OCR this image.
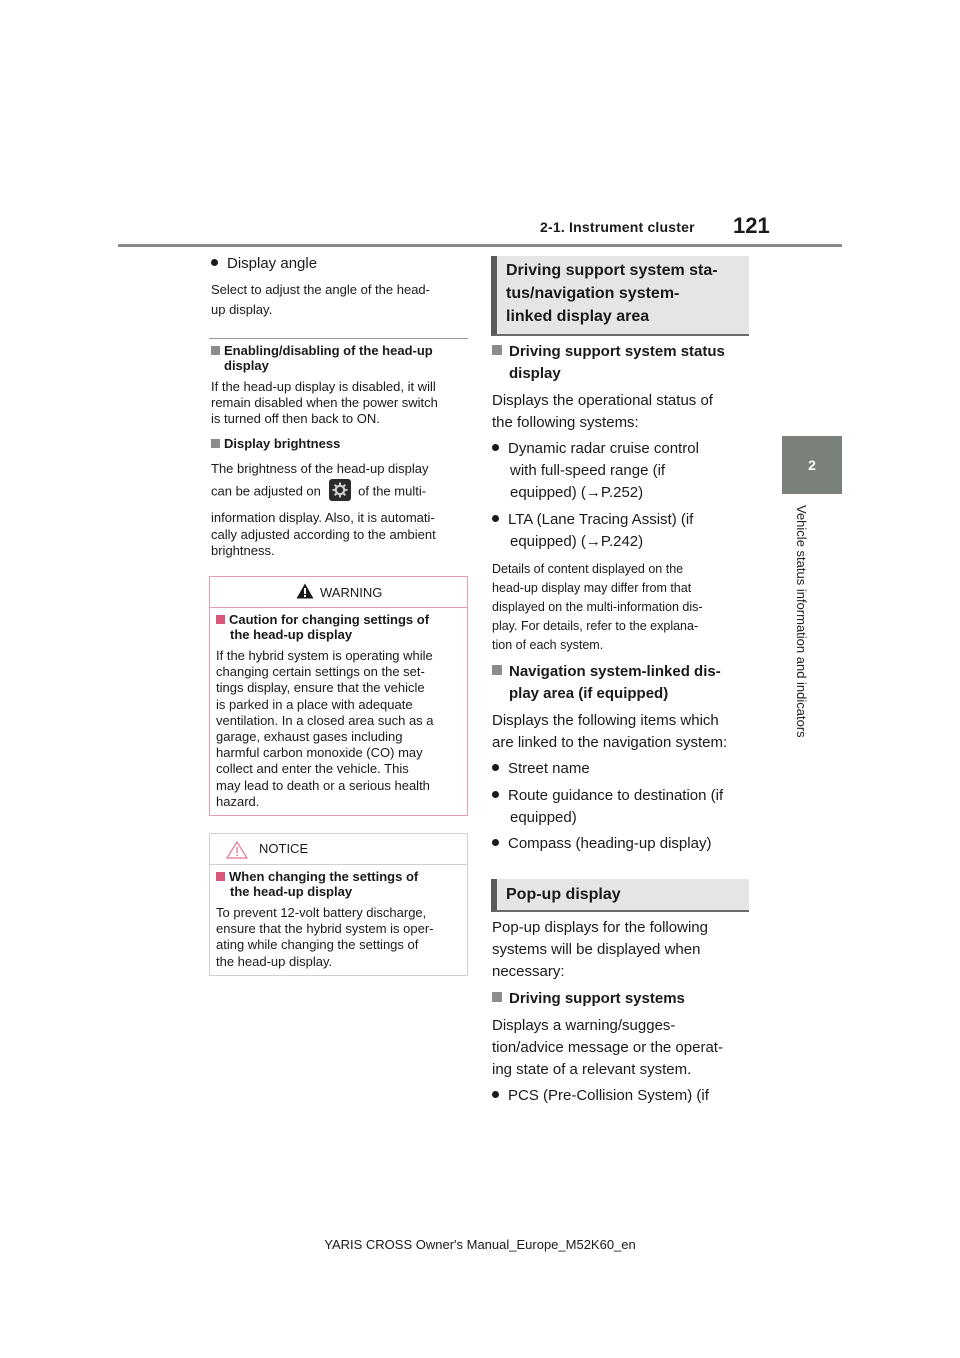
2-1. Instrument cluster 121
2
Vehicle status information and indicators
Display angle
Select to adjust the angle of the head-
up display.
Enabling/disabling of the head-up
display
If the head-up display is disabled, it will
remain disabled when the power switch
is turned off then back to ON.
Display brightness
The brightness of the head-up display
can be adjusted on	of the multi-
information display. Also, it is automati-
cally adjusted according to the ambient
brightness.
WARNING
Caution for changing settings of
the head-up display
If the hybrid system is operating while
changing certain settings on the set-
tings display, ensure that the vehicle
is parked in a place with adequate
ventilation. In a closed area such as a
garage, exhaust gases including
harmful carbon monoxide (CO) may
collect and enter the vehicle. This
may lead to death or a serious health
hazard.
NOTICE
When changing the settings of
the head-up display
To prevent 12-volt battery discharge,
ensure that the hybrid system is oper-
ating while changing the settings of
the head-up display.
Driving support system sta-
tus/navigation system-
linked display area
Driving support system status
display
Displays the operational status of
the following systems:
Dynamic radar cruise control
with full-speed range (if
equipped) (→P.252)
LTA (Lane Tracing Assist) (if
equipped) (→P.242)
Details of content displayed on the
head-up display may differ from that
displayed on the multi-information dis-
play. For details, refer to the explana-
tion of each system.
Navigation system-linked dis-
play area (if equipped)
Displays the following items which
are linked to the navigation system:
Street name
Route guidance to destination (if
equipped)
Compass (heading-up display)
Pop-up display
Pop-up displays for the following
systems will be displayed when
necessary:
Driving support systems
Displays a warning/sugges-
tion/advice message or the operat-
ing state of a relevant system.
PCS (Pre-Collision System) (if
YARIS CROSS Owner's Manual_Europe_M52K60_en
